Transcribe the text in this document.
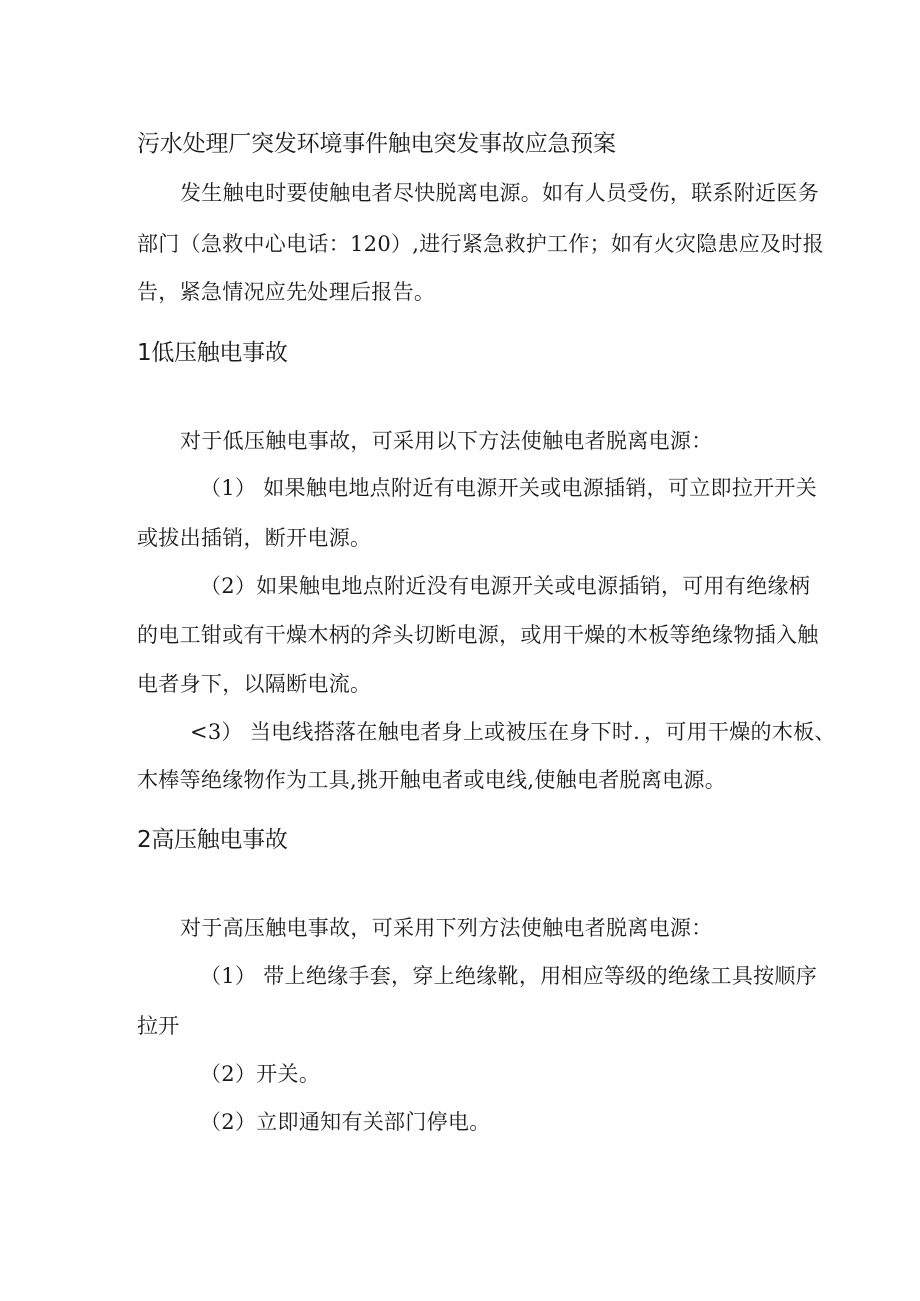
污水处理厂突发环境事件触电突发事故应急预案
发生触电时要使触电者尽快脱离电源。如有人员受伤，联系附近医务
部门（急救中心电话：120）,进行紧急救护工作；如有火灾隐患应及时报
告，紧急情况应先处理后报告。
1低压触电事故
对于低压触电事故，可采用以下方法使触电者脱离电源：
（1） 如果触电地点附近有电源开关或电源插销，可立即拉开开关
或拔出插销，断开电源。
（2）如果触电地点附近没有电源开关或电源插销，可用有绝缘柄
的电工钳或有干燥木柄的斧头切断电源，或用干燥的木板等绝缘物插入触
电者身下，以隔断电流。
<3） 当电线搭落在触电者身上或被压在身下时．，可用干燥的木板、
木棒等绝缘物作为工具,挑开触电者或电线,使触电者脱离电源。
2高压触电事故
对于高压触电事故，可采用下列方法使触电者脱离电源：
（1） 带上绝缘手套，穿上绝缘靴，用相应等级的绝缘工具按顺序
拉开
（2）开关。
（2）立即通知有关部门停电。
